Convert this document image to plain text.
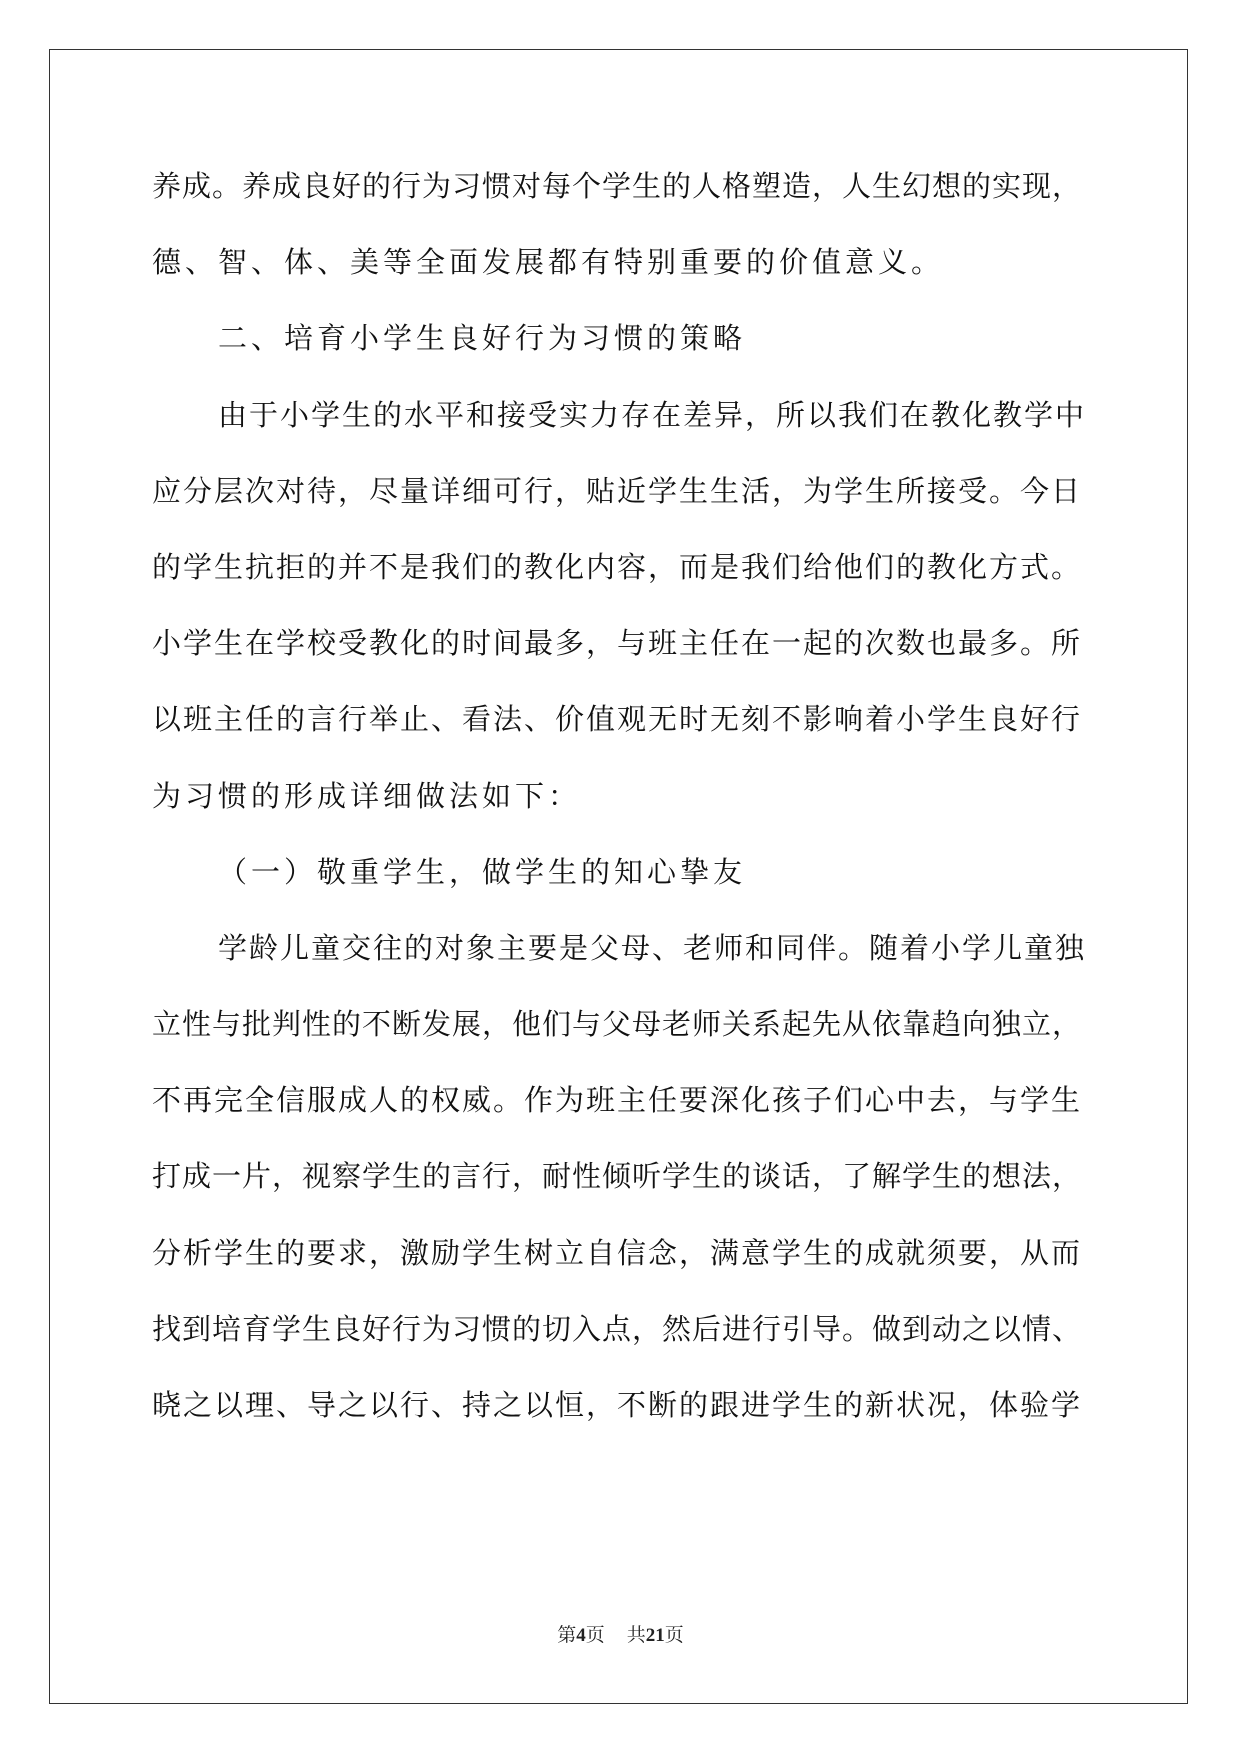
养成。养成良好的行为习惯对每个学生的人格塑造，人生幻想的实现，
德、智、体、美等全面发展都有特别重要的价值意义。
二、培育小学生良好行为习惯的策略
由于小学生的水平和接受实力存在差异，所以我们在教化教学中
应分层次对待，尽量详细可行，贴近学生生活，为学生所接受。今日
的学生抗拒的并不是我们的教化内容，而是我们给他们的教化方式。
小学生在学校受教化的时间最多，与班主任在一起的次数也最多。所
以班主任的言行举止、看法、价值观无时无刻不影响着小学生良好行
为习惯的形成详细做法如下：
（一）敬重学生，做学生的知心挚友
学龄儿童交往的对象主要是父母、老师和同伴。随着小学儿童独
立性与批判性的不断发展，他们与父母老师关系起先从依靠趋向独立，
不再完全信服成人的权威。作为班主任要深化孩子们心中去，与学生
打成一片，视察学生的言行，耐性倾听学生的谈话，了解学生的想法，
分析学生的要求，激励学生树立自信念，满意学生的成就须要，从而
找到培育学生良好行为习惯的切入点，然后进行引导。做到动之以情、
晓之以理、导之以行、持之以恒，不断的跟进学生的新状况，体验学
第4页 共21页
